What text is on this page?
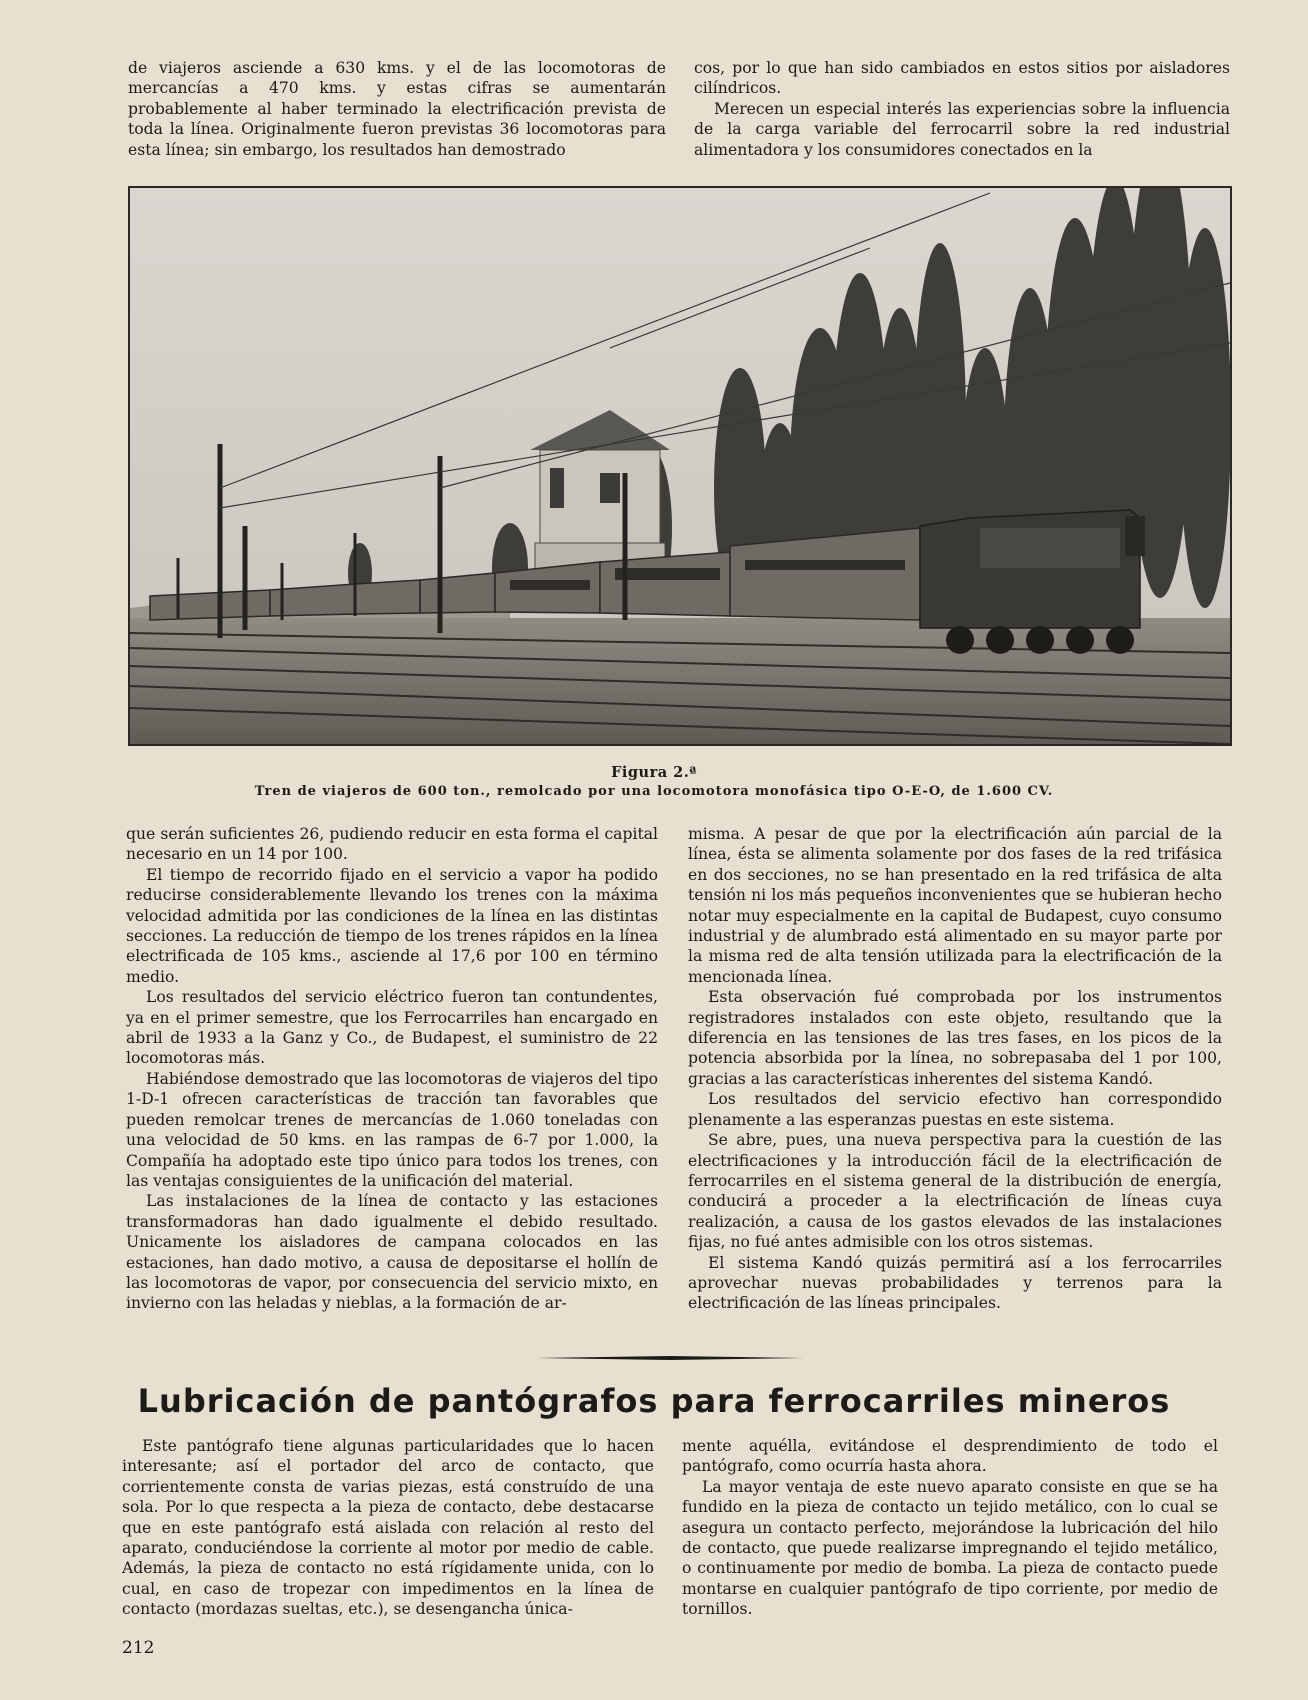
de viajeros asciende a 630 kms. y el de las locomotoras de mercancías a 470 kms. y estas cifras se aumentarán probablemente al haber terminado la electrificación prevista de toda la línea. Originalmente fueron previstas 36 locomotoras para esta línea; sin embargo, los resultados han demostrado

cos, por lo que han sido cambiados en estos sitios por aisladores cilíndricos.

Merecen un especial interés las experiencias sobre la influencia de la carga variable del ferrocarril sobre la red industrial alimentadora y los consumidores conectados en la

Figura 2.ª
Tren de viajeros de 600 ton., remolcado por una locomotora monofásica tipo O-E-O, de 1.600 CV.

que serán suficientes 26, pudiendo reducir en esta forma el capital necesario en un 14 por 100.

El tiempo de recorrido fijado en el servicio a vapor ha podido reducirse considerablemente llevando los trenes con la máxima velocidad admitida por las condiciones de la línea en las distintas secciones. La reducción de tiempo de los trenes rápidos en la línea electrificada de 105 kms., asciende al 17,6 por 100 en término medio.

Los resultados del servicio eléctrico fueron tan contundentes, ya en el primer semestre, que los Ferrocarriles han encargado en abril de 1933 a la Ganz y Co., de Budapest, el suministro de 22 locomotoras más.

Habiéndose demostrado que las locomotoras de viajeros del tipo 1-D-1 ofrecen características de tracción tan favorables que pueden remolcar trenes de mercancías de 1.060 toneladas con una velocidad de 50 kms. en las rampas de 6-7 por 1.000, la Compañía ha adoptado este tipo único para todos los trenes, con las ventajas consiguientes de la unificación del material.

Las instalaciones de la línea de contacto y las estaciones transformadoras han dado igualmente el debido resultado. Unicamente los aisladores de campana colocados en las estaciones, han dado motivo, a causa de depositarse el hollín de las locomotoras de vapor, por consecuencia del servicio mixto, en invierno con las heladas y nieblas, a la formación de ar-

misma. A pesar de que por la electrificación aún parcial de la línea, ésta se alimenta solamente por dos fases de la red trifásica en dos secciones, no se han presentado en la red trifásica de alta tensión ni los más pequeños inconvenientes que se hubieran hecho notar muy especialmente en la capital de Budapest, cuyo consumo industrial y de alumbrado está alimentado en su mayor parte por la misma red de alta tensión utilizada para la electrificación de la mencionada línea.

Esta observación fué comprobada por los instrumentos registradores instalados con este objeto, resultando que la diferencia en las tensiones de las tres fases, en los picos de la potencia absorbida por la línea, no sobrepasaba del 1 por 100, gracias a las características inherentes del sistema Kandó.

Los resultados del servicio efectivo han correspondido plenamente a las esperanzas puestas en este sistema.

Se abre, pues, una nueva perspectiva para la cuestión de las electrificaciones y la introducción fácil de la electrificación de ferrocarriles en el sistema general de la distribución de energía, conducirá a proceder a la electrificación de líneas cuya realización, a causa de los gastos elevados de las instalaciones fijas, no fué antes admisible con los otros sistemas.

El sistema Kandó quizás permitirá así a los ferrocarriles aprovechar nuevas probabilidades y terrenos para la electrificación de las líneas principales.

Lubricación de pantógrafos para ferrocarriles mineros

Este pantógrafo tiene algunas particularidades que lo hacen interesante; así el portador del arco de contacto, que corrientemente consta de varias piezas, está construído de una sola. Por lo que respecta a la pieza de contacto, debe destacarse que en este pantógrafo está aislada con relación al resto del aparato, conduciéndose la corriente al motor por medio de cable. Además, la pieza de contacto no está rígidamente unida, con lo cual, en caso de tropezar con impedimentos en la línea de contacto (mordazas sueltas, etc.), se desengancha única-

mente aquélla, evitándose el desprendimiento de todo el pantógrafo, como ocurría hasta ahora.

La mayor ventaja de este nuevo aparato consiste en que se ha fundido en la pieza de contacto un tejido metálico, con lo cual se asegura un contacto perfecto, mejorándose la lubricación del hilo de contacto, que puede realizarse impregnando el tejido metálico, o continuamente por medio de bomba. La pieza de contacto puede montarse en cualquier pantógrafo de tipo corriente, por medio de tornillos.

212
